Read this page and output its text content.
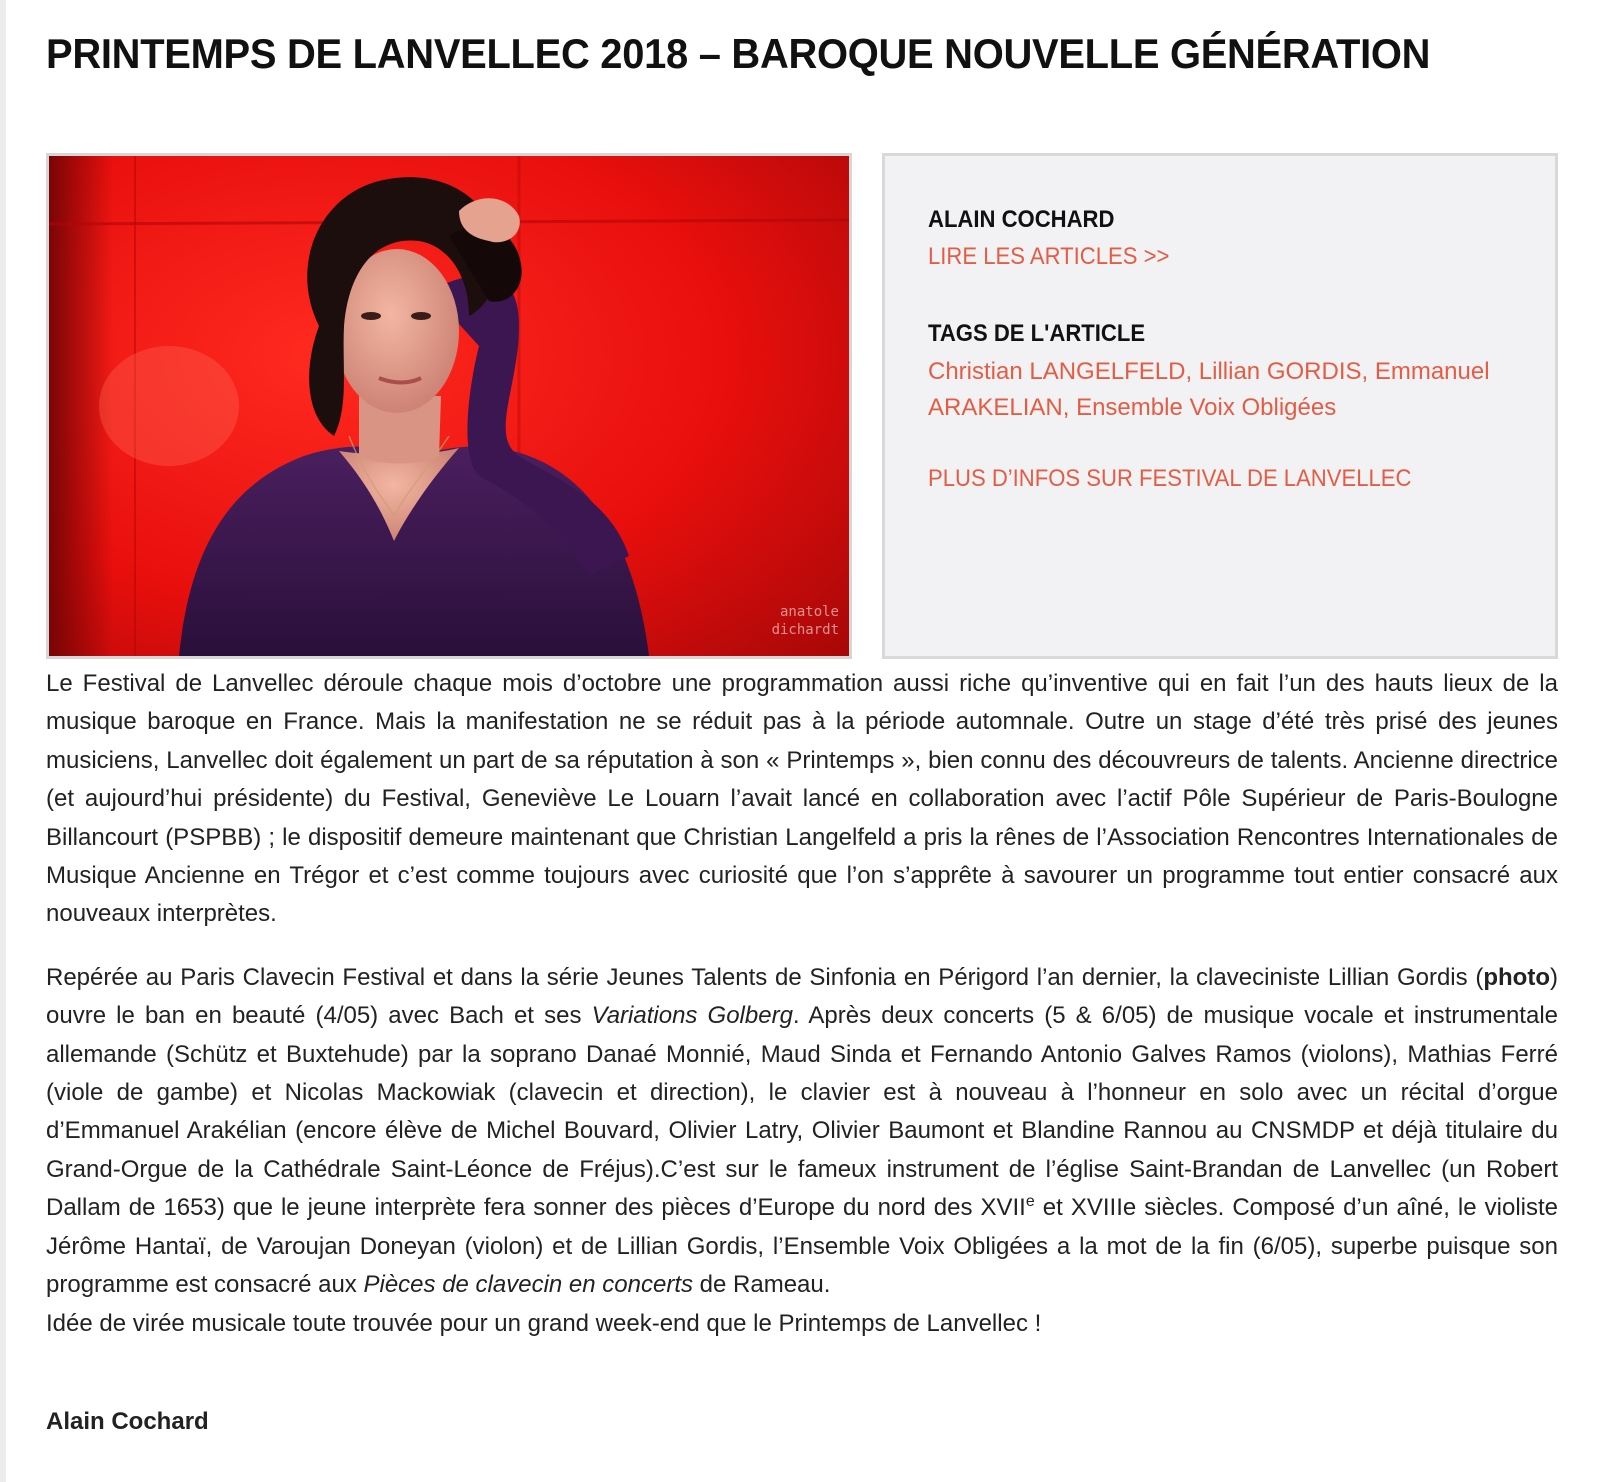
PRINTEMPS DE LANVELLEC 2018 – BAROQUE NOUVELLE GÉNÉRATION
anatole
dichardt
ALAIN COCHARD
LIRE LES ARTICLES >>
TAGS DE L'ARTICLE
Christian LANGELFELD, Lillian GORDIS, Emmanuel ARAKELIAN, Ensemble Voix Obligées
PLUS D’INFOS SUR FESTIVAL DE LANVELLEC

Le Festival de Lanvellec déroule chaque mois d’octobre une programmation aussi riche qu’inventive qui en fait l’un des hauts lieux de la musique baroque en France. Mais la manifestation ne se réduit pas à la période automnale. Outre un stage d’été très prisé des jeunes musiciens, Lanvellec doit également un part de sa réputation à son « Printemps », bien connu des découvreurs de talents. Ancienne directrice (et aujourd’hui présidente) du Festival, Geneviève Le Louarn l’avait lancé en collaboration avec l’actif Pôle Supérieur de Paris-Boulogne Billancourt (PSPBB) ; le dispositif demeure maintenant que Christian Langelfeld a pris la rênes de l’Association Rencontres Internationales de Musique Ancienne en Trégor et c’est comme toujours avec curiosité que l’on s’apprête à savourer un programme tout entier consacré aux nouveaux interprètes.

Repérée au Paris Clavecin Festival et dans la série Jeunes Talents de Sinfonia en Périgord l’an dernier, la claveciniste Lillian Gordis (photo) ouvre le ban en beauté (4/05) avec Bach et ses Variations Golberg. Après deux concerts (5 & 6/05) de musique vocale et instrumentale allemande (Schütz et Buxtehude) par la soprano Danaé Monnié, Maud Sinda et Fernando Antonio Galves Ramos (violons), Mathias Ferré (viole de gambe) et Nicolas Mackowiak (clavecin et direction), le clavier est à nouveau à l’honneur en solo avec un récital d’orgue d’Emmanuel Arakélian (encore élève de Michel Bouvard, Olivier Latry, Olivier Baumont et Blandine Rannou au CNSMDP et déjà titulaire du Grand-Orgue de la Cathédrale Saint-Léonce de Fréjus).C’est sur le fameux instrument de l’église Saint-Brandan de Lanvellec (un Robert Dallam de 1653) que le jeune interprète fera sonner des pièces d’Europe du nord des XVIIe et XVIIIe siècles. Composé d’un aîné, le violiste Jérôme Hantaï, de Varoujan Doneyan (violon) et de Lillian Gordis, l’Ensemble Voix Obligées a la mot de la fin (6/05), superbe puisque son programme est consacré aux Pièces de clavecin en concerts de Rameau.
Idée de virée musicale toute trouvée pour un grand week-end que le Printemps de Lanvellec !

Alain Cochard
